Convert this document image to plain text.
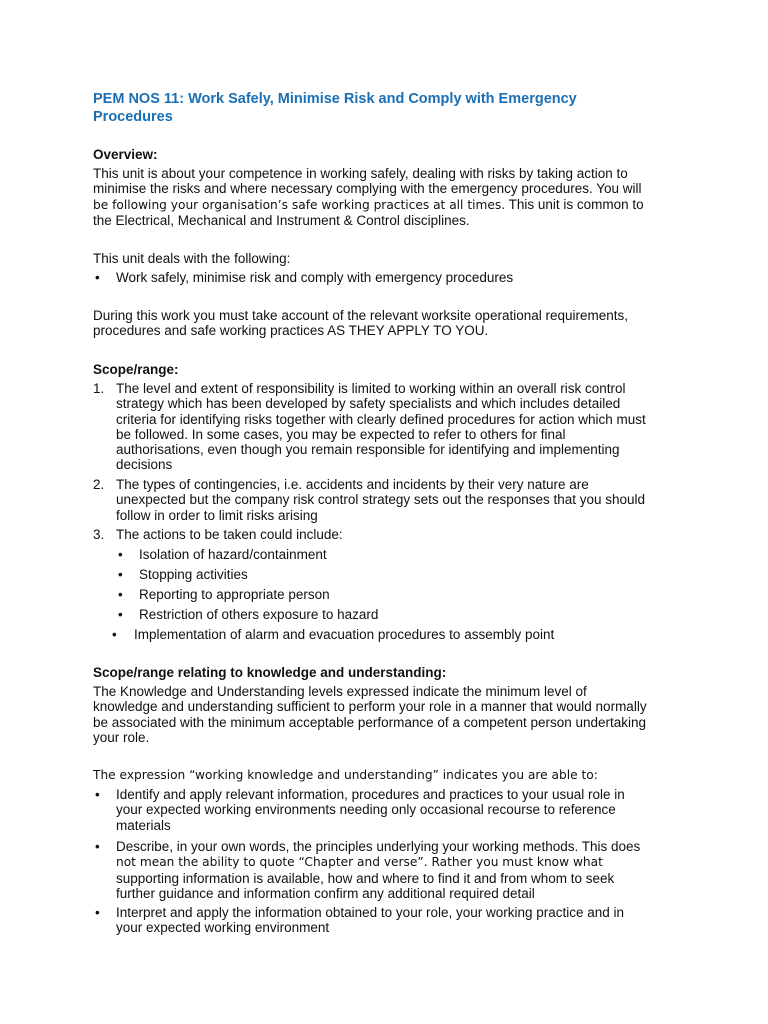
PEM NOS 11: Work Safely, Minimise Risk and Comply with Emergency
Procedures
Overview:
This unit is about your competence in working safely, dealing with risks by taking action to
minimise the risks and where necessary complying with the emergency procedures. You will
be following your organisation’s safe working practices at all times. This unit is common to
the Electrical, Mechanical and Instrument & Control disciplines.
This unit deals with the following:
• Work safely, minimise risk and comply with emergency procedures
During this work you must take account of the relevant worksite operational requirements,
procedures and safe working practices AS THEY APPLY TO YOU.
Scope/range:
1. The level and extent of responsibility is limited to working within an overall risk control
strategy which has been developed by safety specialists and which includes detailed
criteria for identifying risks together with clearly defined procedures for action which must
be followed. In some cases, you may be expected to refer to others for final
authorisations, even though you remain responsible for identifying and implementing
decisions
2. The types of contingencies, i.e. accidents and incidents by their very nature are
unexpected but the company risk control strategy sets out the responses that you should
follow in order to limit risks arising
3. The actions to be taken could include:
• Isolation of hazard/containment
• Stopping activities
• Reporting to appropriate person
• Restriction of others exposure to hazard
• Implementation of alarm and evacuation procedures to assembly point
Scope/range relating to knowledge and understanding:
The Knowledge and Understanding levels expressed indicate the minimum level of
knowledge and understanding sufficient to perform your role in a manner that would normally
be associated with the minimum acceptable performance of a competent person undertaking
your role.
The expression “working knowledge and understanding” indicates you are able to:
• Identify and apply relevant information, procedures and practices to your usual role in
your expected working environments needing only occasional recourse to reference
materials
• Describe, in your own words, the principles underlying your working methods. This does
not mean the ability to quote “Chapter and verse”. Rather you must know what
supporting information is available, how and where to find it and from whom to seek
further guidance and information confirm any additional required detail
• Interpret and apply the information obtained to your role, your working practice and in
your expected working environment
